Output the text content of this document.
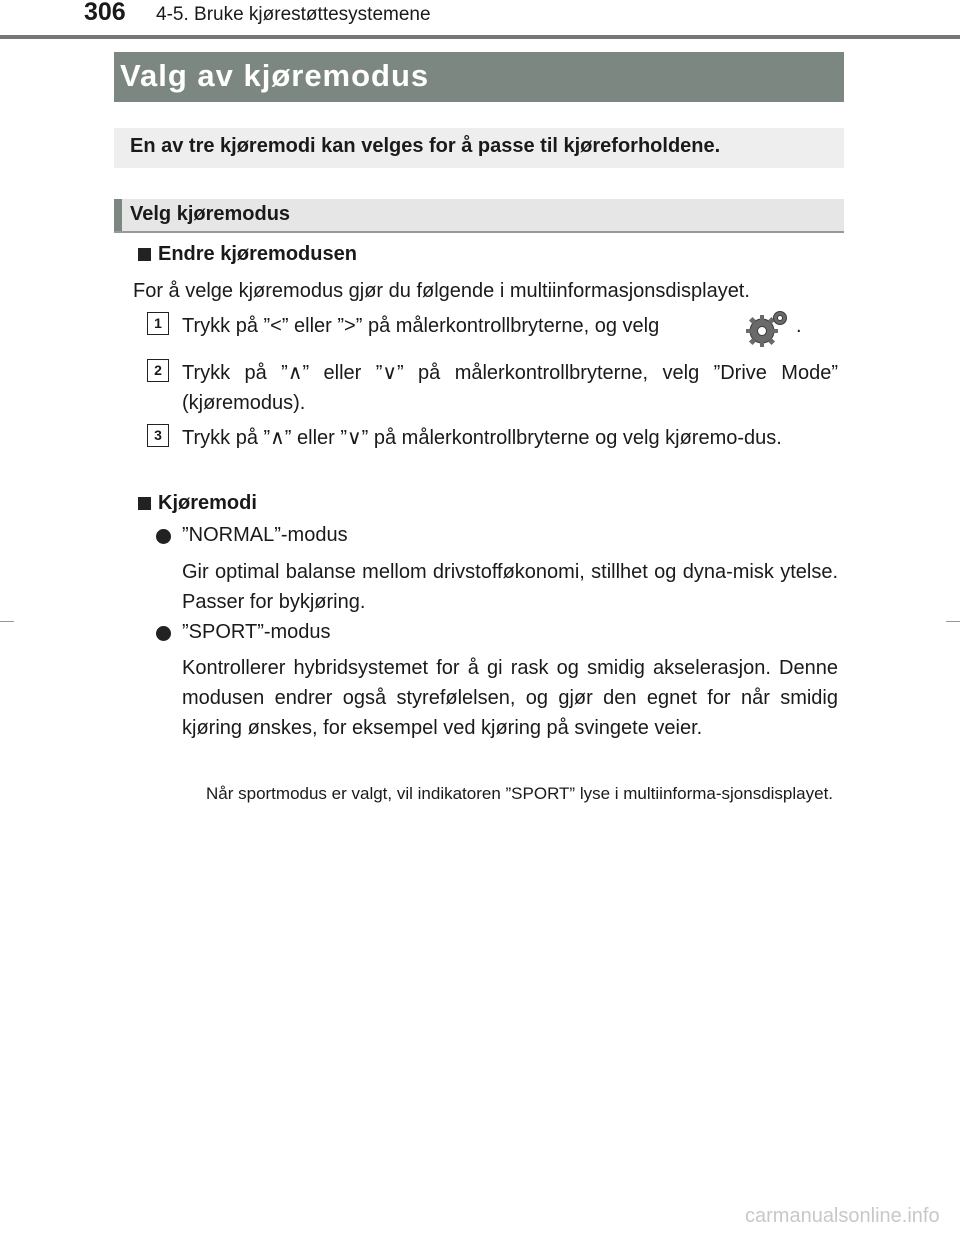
306 4-5. Bruke kjørestøttesystemene
Valg av kjøremodus
En av tre kjøremodi kan velges for å passe til kjøreforholdene.
Velg kjøremodus
Endre kjøremodusen
For å velge kjøremodus gjør du følgende i multiinformasjonsdisplayet.
1	Trykk på ”<” eller ”>” på målerkontrollbryterne, og velg	.
2	Trykk på ”∧” eller ”∨” på målerkontrollbryterne, velg ”Drive Mode” (kjøremodus).
3	Trykk på ”∧” eller ”∨” på målerkontrollbryterne og velg kjøremo-dus.
Kjøremodi
”NORMAL”-modus
Gir optimal balanse mellom drivstofføkonomi, stillhet og dyna-misk ytelse. Passer for bykjøring.
”SPORT”-modus
Kontrollerer hybridsystemet for å gi rask og smidig akselerasjon. Denne modusen endrer også styrefølelsen, og gjør den egnet for når smidig kjøring ønskes, for eksempel ved kjøring på svingete veier.
Når sportmodus er valgt, vil indikatoren ”SPORT” lyse i multiinforma-sjonsdisplayet.
carmanualsonline.info
